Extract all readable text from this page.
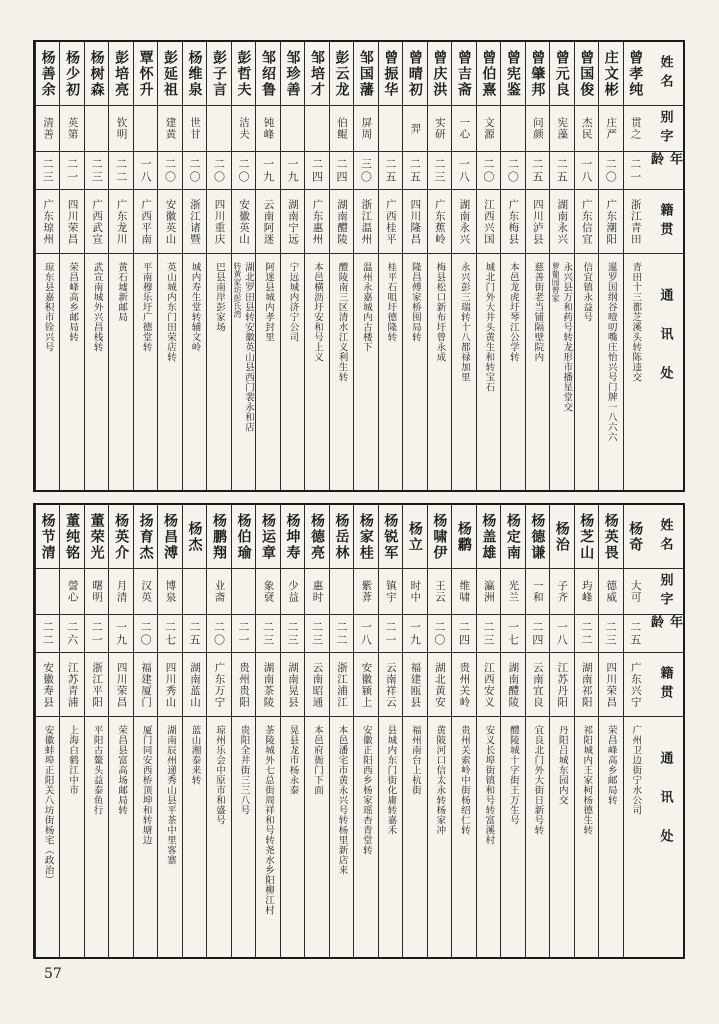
姓名
别字
年龄
籍贯
通讯处
曾孝纯
贯之
二一
浙江青田
青田十三都芝溪头转陈逵交
庄文彬
庄严
二〇
广东潮阳
暹罗国纲谷噎叨嘴庄怡兴号门牌一八六六
曾国俊
杰民
一八
广东信宜
信宜镇永益号
曾元良
宪藻
二五
湖南永兴
永兴县万和药号转龙形市播星堂交
萝葡园曾家
曾肇邦
问颜
二五
四川泸县
慈善街老当铺隔壁院内
曾宪鉴
二〇
广东梅县
本邑龙虎圩琴江公学转
曾伯熹
文源
二〇
江西兴国
城北门外大井头黄生和转宝石
曾吉斋
一心
一八
湖南永兴
永兴彭三瑞转十八都禄加里
曾庆洪
实研
二三
广东蕉岭
梅县松口新布圩曾永成
曾晴初
羿
二五
四川隆昌
隆昌傅家桥囤局转
曾振华
二五
广西桂平
桂平石咀圩德隆转
邹国藩
屏周
三〇
浙江温州
温州永嘉城内古楼下
彭云龙
伯鲲
二四
湖南醴陵
醴陵南三区清水江义利生转
邹培才
二四
广东惠州
本邑横沥圩安和号上义
邹珍善
一九
湖南宁远
宁远城内济宁公司
邹绍鲁
钝峰
一九
云南阿迷
阿迷县城内孝封里
彭哲夫
洁夫
二〇
安徽英山
湖北罗田县转安徽英山县西门裴永和店
转黄家坊彭氏湾
彭子言
二〇
四川重庆
巴县南岸彭家场
杨维泉
世甘
二〇
浙江诸暨
城内寿生堂转辅文岭
彭延祖
建黄
二〇
安徽英山
英山城内东门田荣店转
覃怀升
一八
广西平南
平南穆乐圩广德堂转
彭培亮
钦明
二二
广东龙川
黄石墟新邮局
杨树森
二三
广西武宣
武宣南城外兴昌栈转
杨少初
英第
二一
四川荣昌
荣昌峰高乡邮局转
杨善余
清善
二三
广东琼州
琼东县嘉积市铨兴号
姓名
别字
年龄
籍贯
通讯处
杨奇
大可
二五
广东兴宁
广州卫边街宁水公司
杨英畏
德威
二三
四川荣昌
荣昌峰高乡邮局转
杨芝山
玙峰
二二
湖南祁阳
祁阳城内王家柯杨德生转
杨治
子齐
一八
江苏丹阳
丹阳吕城东园内交
杨德谦
一和
二四
云南宜良
宜良北门外大街日新号转
杨定南
光兰
一七
湖南醴陵
醴陵城十字街王万生号
杨盖雄
瀛洲
二三
江西安义
安义长埠街镇和号转富溪村
杨鹴
维啸
二四
贵州关岭
贵州关索岭中街杨绍仁转
杨啸伊
王云
二〇
湖北黄安
黄陂河口信太永转杨家冲
杨立
时中
一九
福建瓯县
福州南台上杭街
杨锐军
镇宇
二一
云南祥云
县城内东门街化庸转嘉禾
杨家桂
紫葊
一八
安徽颍上
安徽正阳西乡杨家瑶杏青堂转
杨岳林
二二
浙江浦江
本邑潘宅市黄永兴号转杨里新店来
杨德亮
惠时
二三
云南昭通
本邑府衙门下面
杨坤寿
少益
二三
湖南晃县
晃县龙市杨永泰
杨运章
象裦
二三
湖南茶陵
茶陵城外七总街周祥和号转尧水乡阳柳江村
杨伯瑜
二一
贵州贵阳
贵阳全井街三三八号
杨鹏翔
业斋
二〇
广东万宁
琼州乐会中原市和盛号
杨杰
二五
湖南蓝山
蓝山湘泰来转
杨昌溥
博泉
二七
四川秀山
湖南辰州递秀山县平茶中里客寨
扬育杰
汉英
二〇
福建厦门
厦门同安西桥顶坤和转塘边
杨英介
月清
一九
四川荣昌
荣昌县富高场邮局转
董荣光
曙明
二一
浙江平阳
平阳古鳌头益泰鱼行
董纯铭
謍心
二六
江苏青浦
上海白鹤江中市
杨节清
二二
安徽寿县
安徽蚌埠正阳关八坊街杨宅（政治）
57
